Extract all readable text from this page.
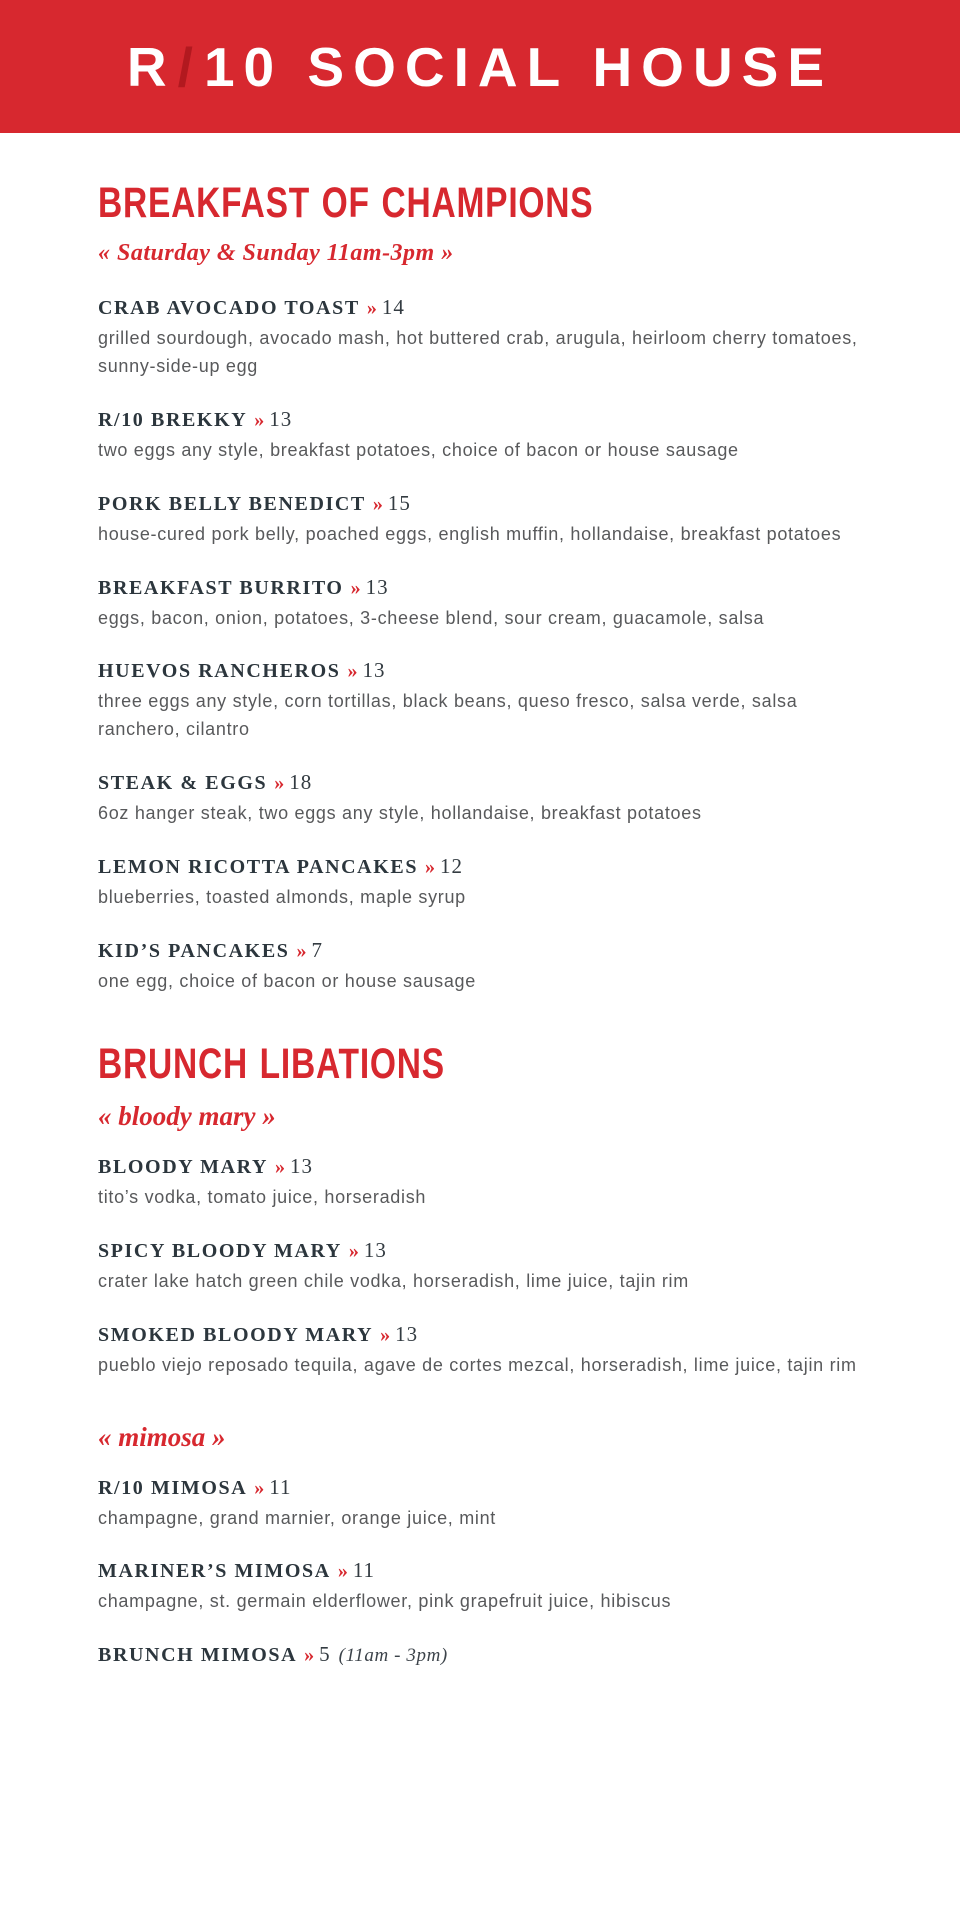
R/10 SOCIAL HOUSE
BREAKFAST OF CHAMPIONS

« Saturday & Sunday 11am-3pm »

CRAB AVOCADO TOAST » 14

grilled sourdough, avocado mash, hot buttered crab, arugula, heirloom cherry tomatoes, sunny-side-up egg

R/10 BREKKY » 13

two eggs any style, breakfast potatoes, choice of bacon or house sausage

PORK BELLY BENEDICT » 15

house-cured pork belly, poached eggs, english muffin, hollandaise, breakfast potatoes

BREAKFAST BURRITO » 13

eggs, bacon, onion, potatoes, 3-cheese blend, sour cream, guacamole, salsa

HUEVOS RANCHEROS » 13

three eggs any style, corn tortillas, black beans, queso fresco, salsa verde, salsa ranchero, cilantro

STEAK & EGGS » 18

6oz hanger steak, two eggs any style, hollandaise, breakfast potatoes

LEMON RICOTTA PANCAKES » 12

blueberries, toasted almonds, maple syrup

KID’S PANCAKES » 7

one egg, choice of bacon or house sausage

BRUNCH LIBATIONS

« bloody mary »

BLOODY MARY » 13

tito’s vodka, tomato juice, horseradish

SPICY BLOODY MARY » 13

crater lake hatch green chile vodka, horseradish, lime juice, tajin rim

SMOKED BLOODY MARY » 13

pueblo viejo reposado tequila, agave de cortes mezcal, horseradish, lime juice, tajin rim

« mimosa »

R/10 MIMOSA » 11

champagne, grand marnier, orange juice, mint

MARINER’S MIMOSA » 11

champagne, st. germain elderflower, pink grapefruit juice, hibiscus

BRUNCH MIMOSA » 5 (11am - 3pm)
